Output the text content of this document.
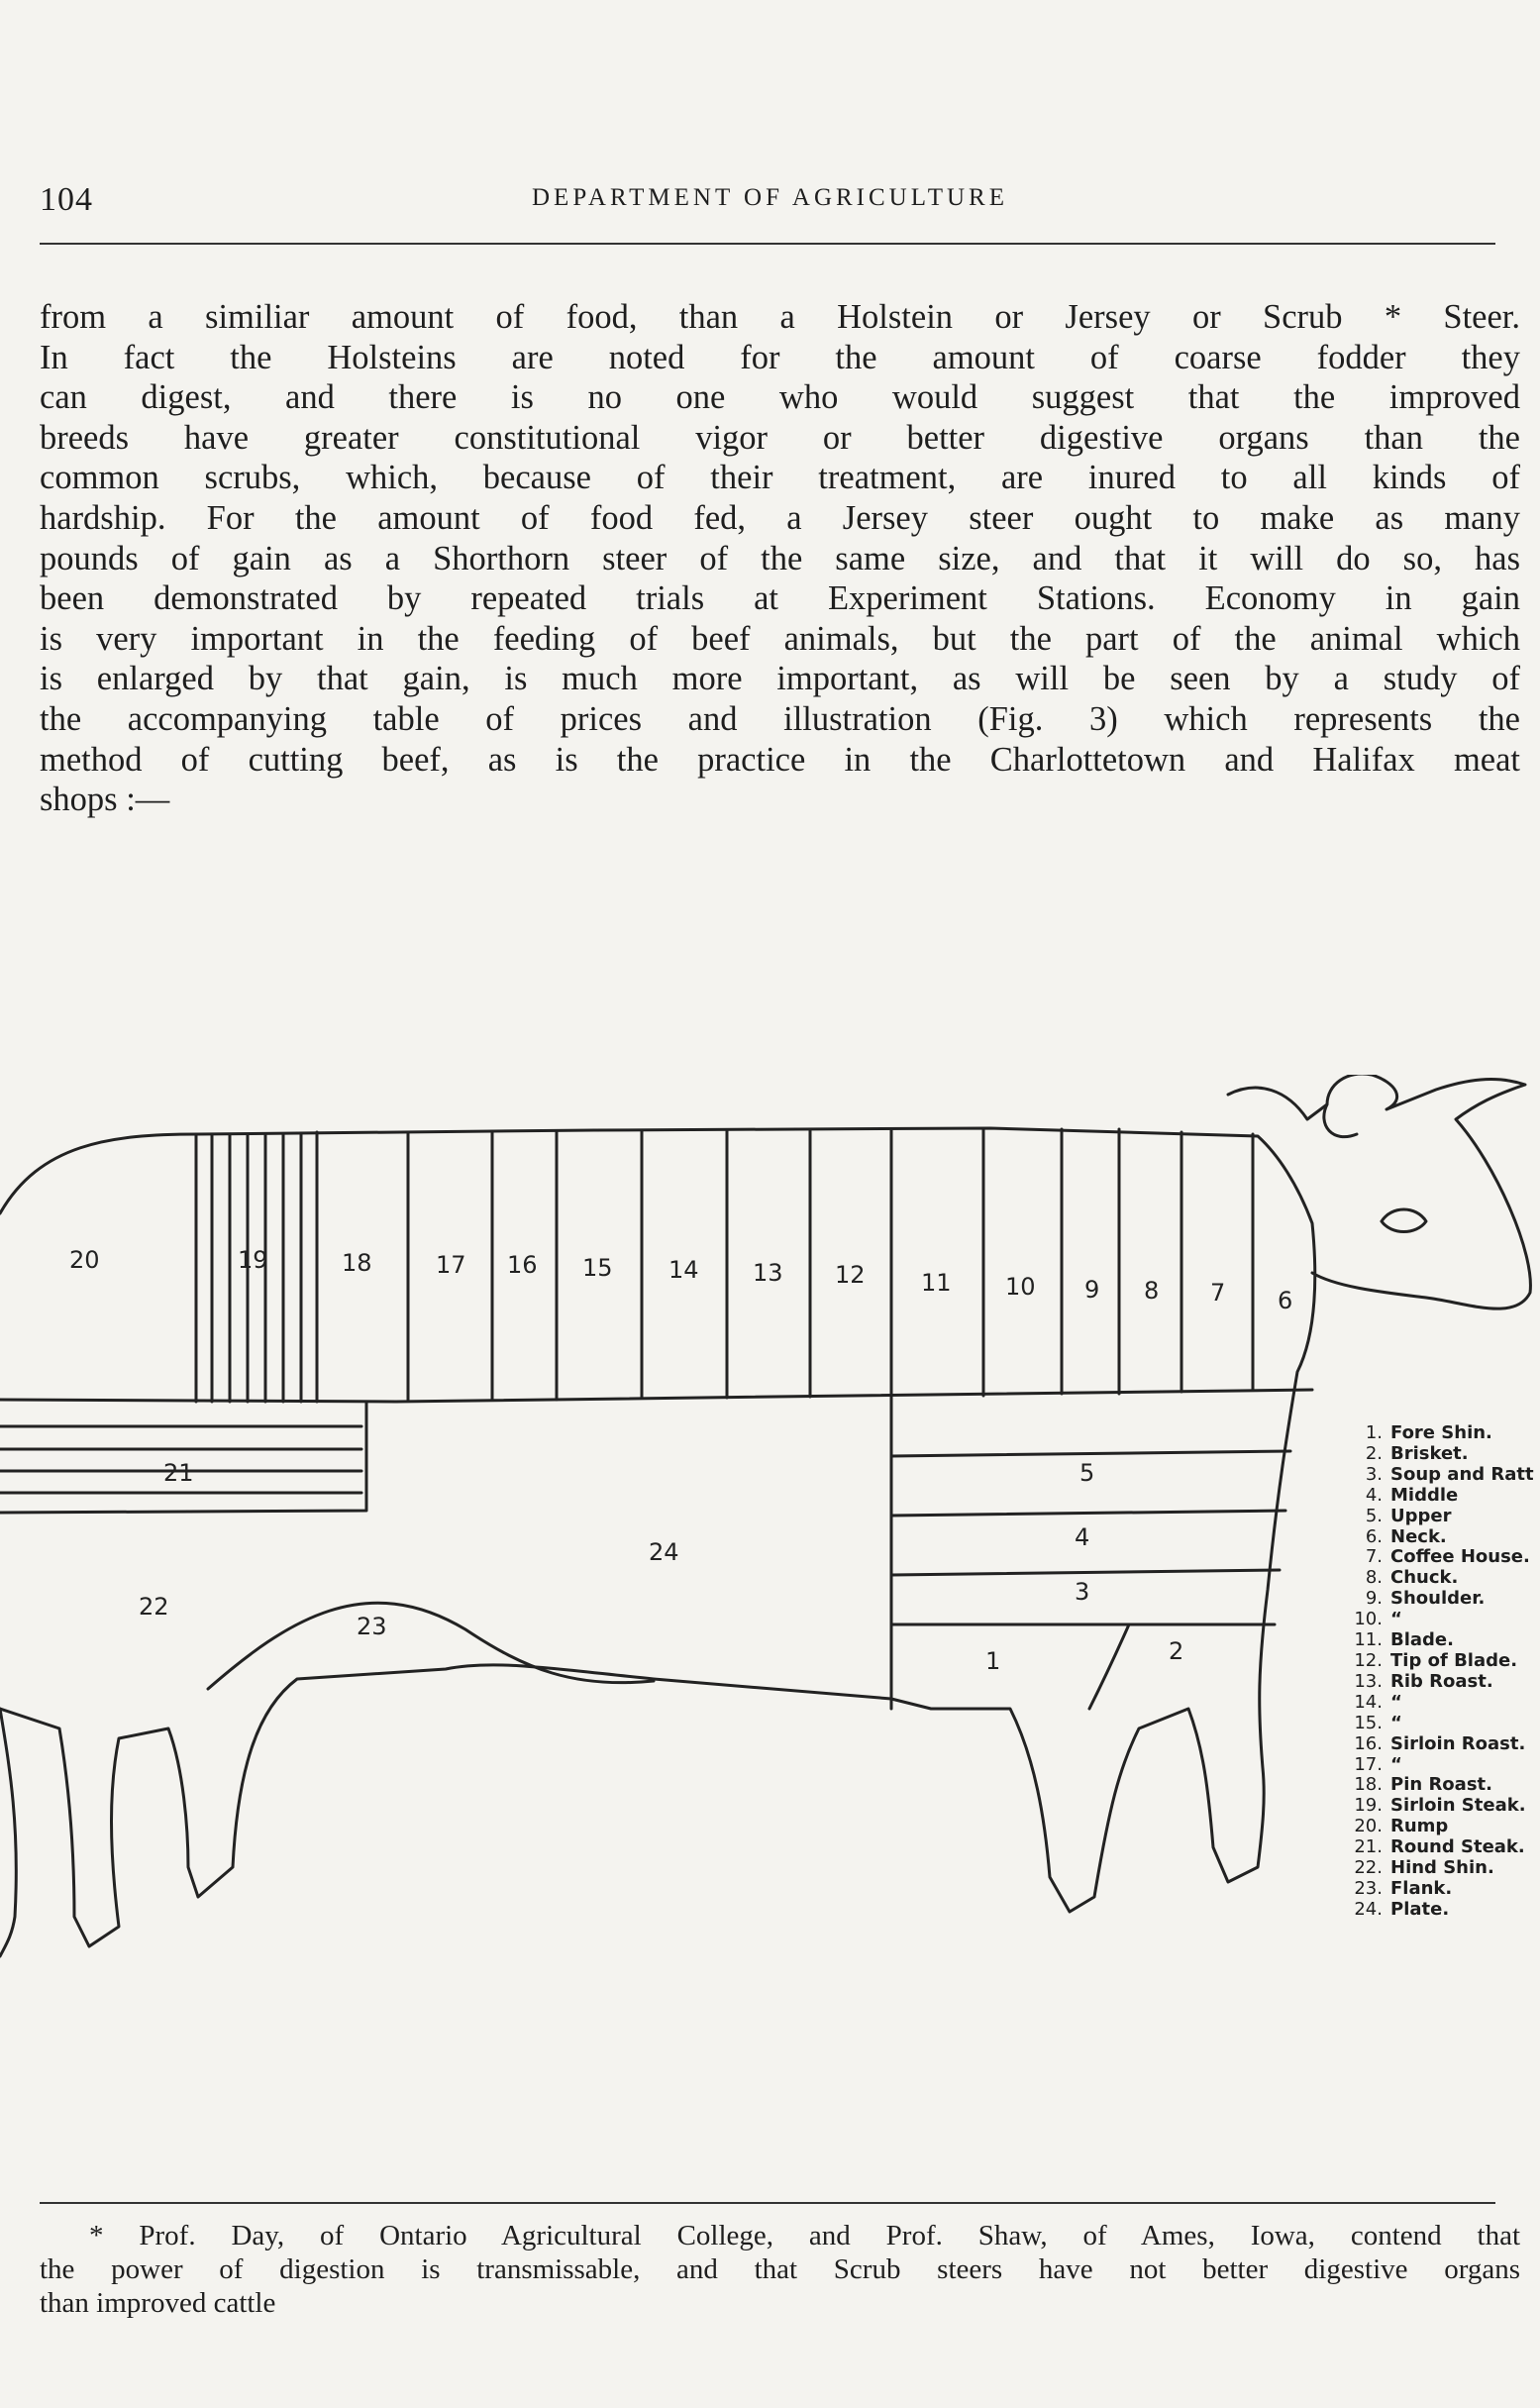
104	DEPARTMENT OF AGRICULTURE

from a similiar amount of food, than a Holstein or Jersey or Scrub * Steer.
In fact the Holsteins are noted for the amount of coarse fodder they
can digest, and there is no one who would suggest that the improved
breeds have greater constitutional vigor or better digestive organs than the
common scrubs, which, because of their treatment, are inured to all kinds of
hardship. For the amount of food fed, a Jersey steer ought to make as many
pounds of gain as a Shorthorn steer of the same size, and that it will do so, has
been demonstrated by repeated trials at Experiment Stations. Economy in gain
is very important in the feeding of beef animals, but the part of the animal which
is enlarged by that gain, is much more important, as will be seen by a study of
the accompanying table of prices and illustration (Fig. 3) which represents the
method of cutting beef, as is the practice in the Charlottetown and Halifax meat
shops :—

20	19	18	17 16 15 14 13 12 11 10 9 8 7 6
5
4
3
2
1
21
22
23
24
1. Fore Shin.
2. Brisket.
3. Soup and Ratt
4. Middle
5. Upper
6. Neck.
7. Coffee House.
8. Chuck.
9. Shoulder.
10. “
11. Blade.
12. Tip of Blade.
13. Rib Roast.
14. “
15. “
16. Sirloin Roast.
17. “
18. Pin Roast.
19. Sirloin Steak.
20. Rump
21. Round Steak.
22. Hind Shin.
23. Flank.
24. Plate.

* Prof. Day, of Ontario Agricultural College, and Prof. Shaw, of Ames, Iowa, contend that
the power of digestion is transmissable, and that Scrub steers have not better digestive organs
than improved cattle
